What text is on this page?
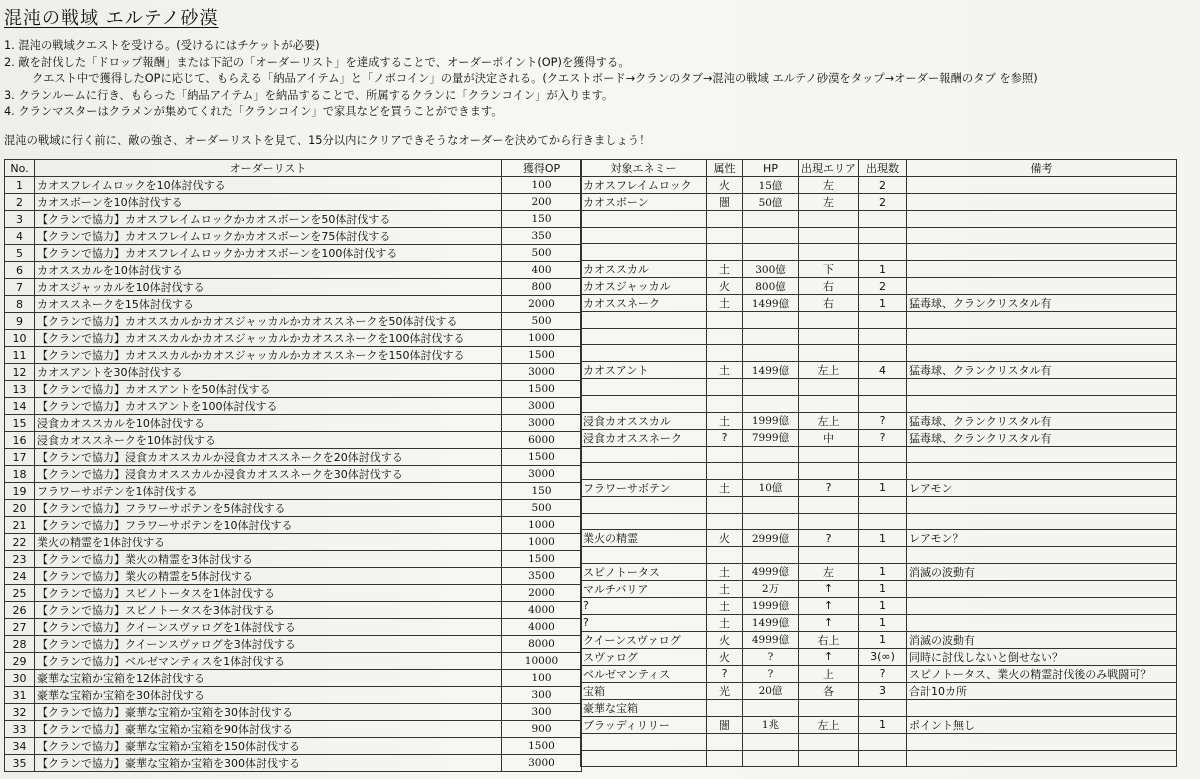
混沌の戦域 エルテノ砂漠
1. 混沌の戦域クエストを受ける。(受けるにはチケットが必要)
2. 敵を討伐した「ドロップ報酬」または下記の「オーダーリスト」を達成することで、オーダーポイント(OP)を獲得する。
クエスト中で獲得したOPに応じて、もらえる「納品アイテム」と「ノボコイン」の量が決定される。(クエストボード→クランのタブ→混沌の戦域 エルテノ砂漠をタップ→オーダー報酬のタブ を参照)
3. クランルームに行き、もらった「納品アイテム」を納品することで、所属するクランに「クランコイン」が入ります。
4. クランマスターはクラメンが集めてくれた「クランコイン」で家具などを買うことができます。
混沌の戦域に行く前に、敵の強さ、オーダーリストを見て、15分以内にクリアできそうなオーダーを決めてから行きましょう！
No.	オーダーリスト	獲得OP
1	カオスフレイムロックを10体討伐する	100
2	カオスボーンを10体討伐する	200
3	【クランで協力】カオスフレイムロックかカオスボーンを50体討伐する	150
4	【クランで協力】カオスフレイムロックかカオスボーンを75体討伐する	350
5	【クランで協力】カオスフレイムロックかカオスボーンを100体討伐する	500
6	カオススカルを10体討伐する	400
7	カオスジャッカルを10体討伐する	800
8	カオススネークを15体討伐する	2000
9	【クランで協力】カオススカルかカオスジャッカルかカオススネークを50体討伐する	500
10	【クランで協力】カオススカルかカオスジャッカルかカオススネークを100体討伐する	1000
11	【クランで協力】カオススカルかカオスジャッカルかカオススネークを150体討伐する	1500
12	カオスアントを30体討伐する	3000
13	【クランで協力】カオスアントを50体討伐する	1500
14	【クランで協力】カオスアントを100体討伐する	3000
15	浸食カオススカルを10体討伐する	3000
16	浸食カオススネークを10体討伐する	6000
17	【クランで協力】浸食カオススカルか浸食カオススネークを20体討伐する	1500
18	【クランで協力】浸食カオススカルか浸食カオススネークを30体討伐する	3000
19	フラワーサボテンを1体討伐する	150
20	【クランで協力】フラワーサボテンを5体討伐する	500
21	【クランで協力】フラワーサボテンを10体討伐する	1000
22	業火の精霊を1体討伐する	1000
23	【クランで協力】業火の精霊を3体討伐する	1500
24	【クランで協力】業火の精霊を5体討伐する	3500
25	【クランで協力】スピノトータスを1体討伐する	2000
26	【クランで協力】スピノトータスを3体討伐する	4000
27	【クランで協力】クイーンスヴァログを1体討伐する	4000
28	【クランで協力】クイーンスヴァログを3体討伐する	8000
29	【クランで協力】ベルゼマンティスを1体討伐する	10000
30	豪華な宝箱か宝箱を12体討伐する	100
31	豪華な宝箱か宝箱を30体討伐する	300
32	【クランで協力】豪華な宝箱か宝箱を30体討伐する	300
33	【クランで協力】豪華な宝箱か宝箱を90体討伐する	900
34	【クランで協力】豪華な宝箱か宝箱を150体討伐する	1500
35	【クランで協力】豪華な宝箱か宝箱を300体討伐する	3000
対象エネミー	属性	HP	出現エリア	出現数	備考
カオスフレイムロック	火	15億	左	2	
カオスボーン	闇	50億	左	2	

カオススカル	土	300億	下	1	
カオスジャッカル	火	800億	右	2	
カオススネーク	土	1499億	右	1	猛毒球、クランクリスタル有

カオスアント	土	1499億	左上	4	猛毒球、クランクリスタル有

浸食カオススカル	土	1999億	左上	?	猛毒球、クランクリスタル有
浸食カオススネーク	?	7999億	中	?	猛毒球、クランクリスタル有

フラワーサボテン	土	10億	?	1	レアモン

業火の精霊	火	2999億	?	1	レアモン？

スピノトータス	土	4999億	左	1	消滅の波動有
マルチバリア	土	2万	↑	1	
?	土	1999億	↑	1	
?	土	1499億	↑	1	
クイーンスヴァログ	火	4999億	右上	1	消滅の波動有
スヴァログ	火	?	↑	3(∞)	同時に討伐しないと倒せない？
ベルゼマンティス	?	?	上	?	スピノトータス、業火の精霊討伐後のみ戦闘可？
宝箱	光	20億	各	3	合計10カ所
豪華な宝箱					
ブラッディリリー	闇	1兆	左上	1	ポイント無し
